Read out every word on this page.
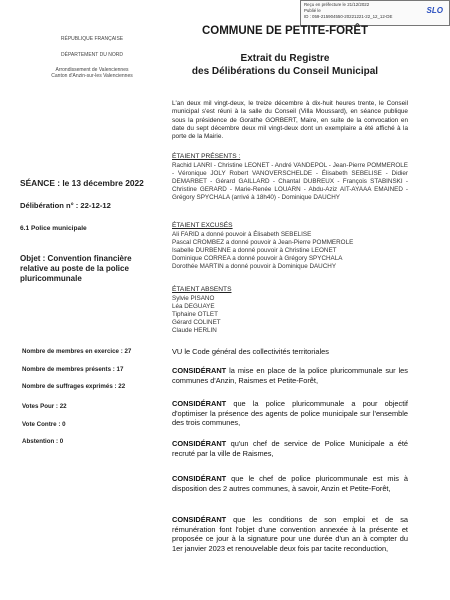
Reçu en préfecture le 21/12/2022
Publié le
ID : 059-215904550-20221221-22_12_12-DE
SLO
RÉPUBLIQUE FRANÇAISE
DÉPARTEMENT DU NORD
Arrondissement de Valenciennes
Canton d'Anzin-sur-les Valenciennes
COMMUNE DE PETITE-FORÊT
Extrait du Registre
des Délibérations du Conseil Municipal
L'an deux mil vingt-deux, le treize décembre à dix-huit heures trente, le Conseil municipal s'est réuni à la salle du Conseil (Villa Moussard), en séance publique sous la présidence de Gorathe GORBERT, Maire, en suite de la convocation en date du sept décembre deux mil vingt-deux dont un exemplaire a été affiché à la porte de la Mairie.
ÉTAIENT PRÉSENTS :
Rachid LANRI - Christine LEONET - André VANDEPOL - Jean-Pierre POMMEROLE - Véronique JOLY Robert VANOVERSCHELDE - Élisabeth SEBELISE - Didier DEMARBET - Gérard GAILLARD - Chantal DUBREUX - François STABINSKI - Christine GERARD - Marie-Renée LOUARN - Abdu-Aziz AIT-AYAAA EMAINED - Grégory SPYCHALA (arrivé à 18h40) - Dominique DAUCHY
ÉTAIENT EXCUSÉS
Ali FARID a donné pouvoir à Élisabeth SEBELISE
Pascal CROMBEZ a donné pouvoir à Jean-Pierre POMMEROLE
Isabelle DURBENNE a donné pouvoir à Christine LEONET
Dominique CORREA a donné pouvoir à Grégory SPYCHALA
Dorothée MARTIN a donné pouvoir à Dominique DAUCHY
ÉTAIENT ABSENTS
Sylvie PISANO
Léa DEGUAYE
Tiphaine OTLET
Gérard COLINET
Claude HERLIN
SÉANCE : le 13 décembre 2022
Délibération n° : 22-12-12
6.1 Police municipale
Objet : Convention financière relative au poste de la police pluricommunale
Nombre de membres en exercice : 27
Nombre de membres présents : 17
Nombre de suffrages exprimés : 22
Votes Pour : 22
Vote Contre : 0
Abstention : 0
VU le Code général des collectivités territoriales
CONSIDÉRANT la mise en place de la police pluricommunale sur les communes d'Anzin, Raismes et Petite-Forêt,
CONSIDÉRANT que la police pluricommunale a pour objectif d'optimiser la présence des agents de police municipale sur l'ensemble des trois communes,
CONSIDÉRANT qu'un chef de service de Police Municipale a été recruté par la ville de Raismes,
CONSIDÉRANT que le chef de police pluricommunale est mis à disposition des 2 autres communes, à savoir, Anzin et Petite-Forêt,
CONSIDÉRANT que les conditions de son emploi et de sa rémunération font l'objet d'une convention annexée à la présente et proposée ce jour à la signature pour une durée d'un an à compter du 1er janvier 2023 et renouvelable deux fois par tacite reconduction,
